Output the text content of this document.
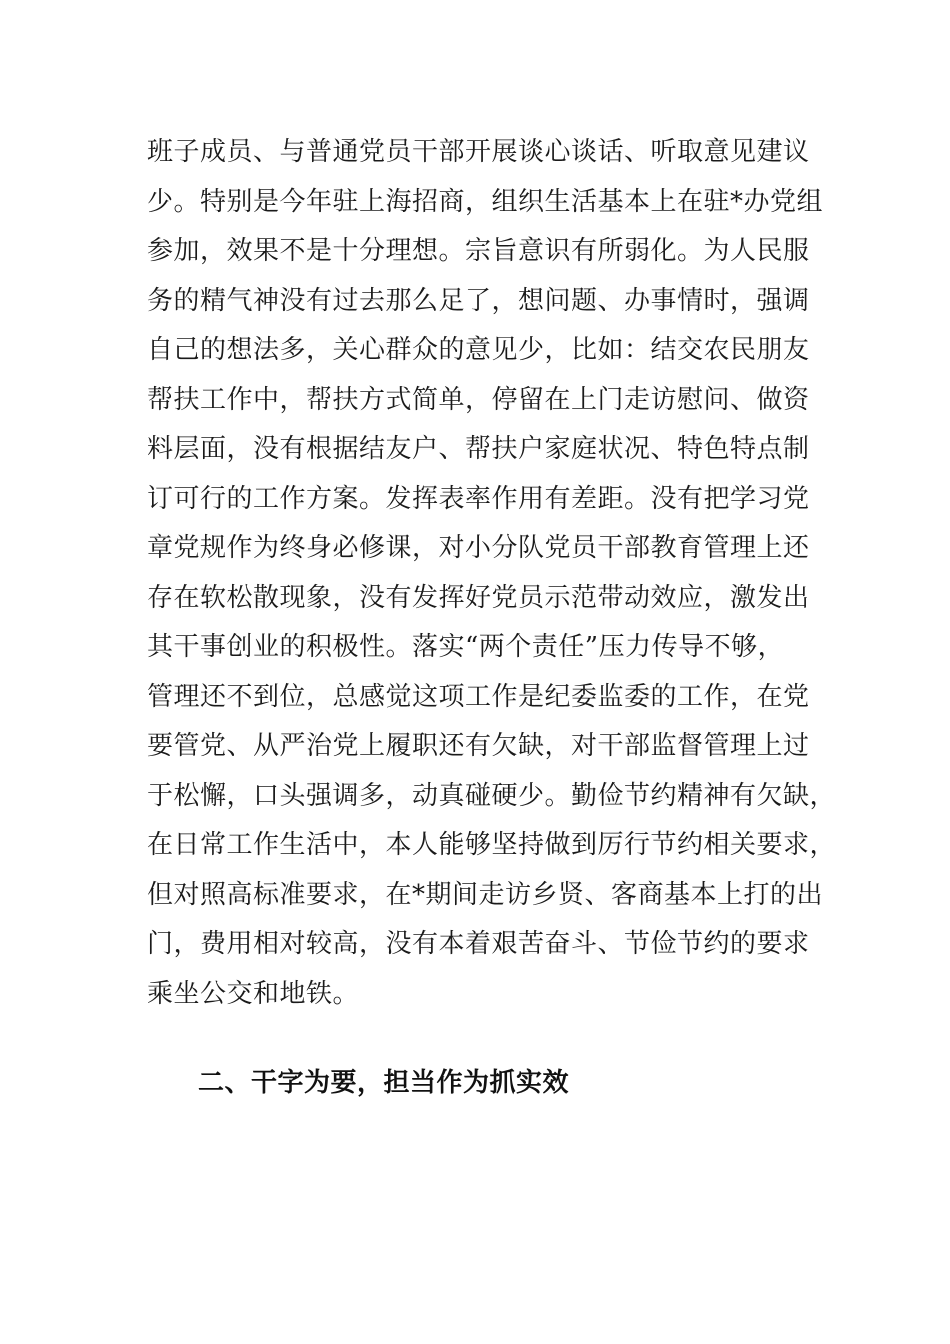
班子成员、与普通党员干部开展谈心谈话、听取意见建议
少。特别是今年驻上海招商，组织生活基本上在驻*办党组
参加，效果不是十分理想。宗旨意识有所弱化。为人民服
务的精气神没有过去那么足了，想问题、办事情时，强调
自己的想法多，关心群众的意见少，比如：结交农民朋友
帮扶工作中，帮扶方式简单，停留在上门走访慰问、做资
料层面，没有根据结友户、帮扶户家庭状况、特色特点制
订可行的工作方案。发挥表率作用有差距。没有把学习党
章党规作为终身必修课，对小分队党员干部教育管理上还
存在软松散现象，没有发挥好党员示范带动效应，激发出
其干事创业的积极性。落实“两个责任”压力传导不够，
管理还不到位，总感觉这项工作是纪委监委的工作，在党
要管党、从严治党上履职还有欠缺，对干部监督管理上过
于松懈，口头强调多，动真碰硬少。勤俭节约精神有欠缺，
在日常工作生活中，本人能够坚持做到厉行节约相关要求，
但对照高标准要求，在*期间走访乡贤、客商基本上打的出
门，费用相对较高，没有本着艰苦奋斗、节俭节约的要求
乘坐公交和地铁。
二、干字为要，担当作为抓实效
